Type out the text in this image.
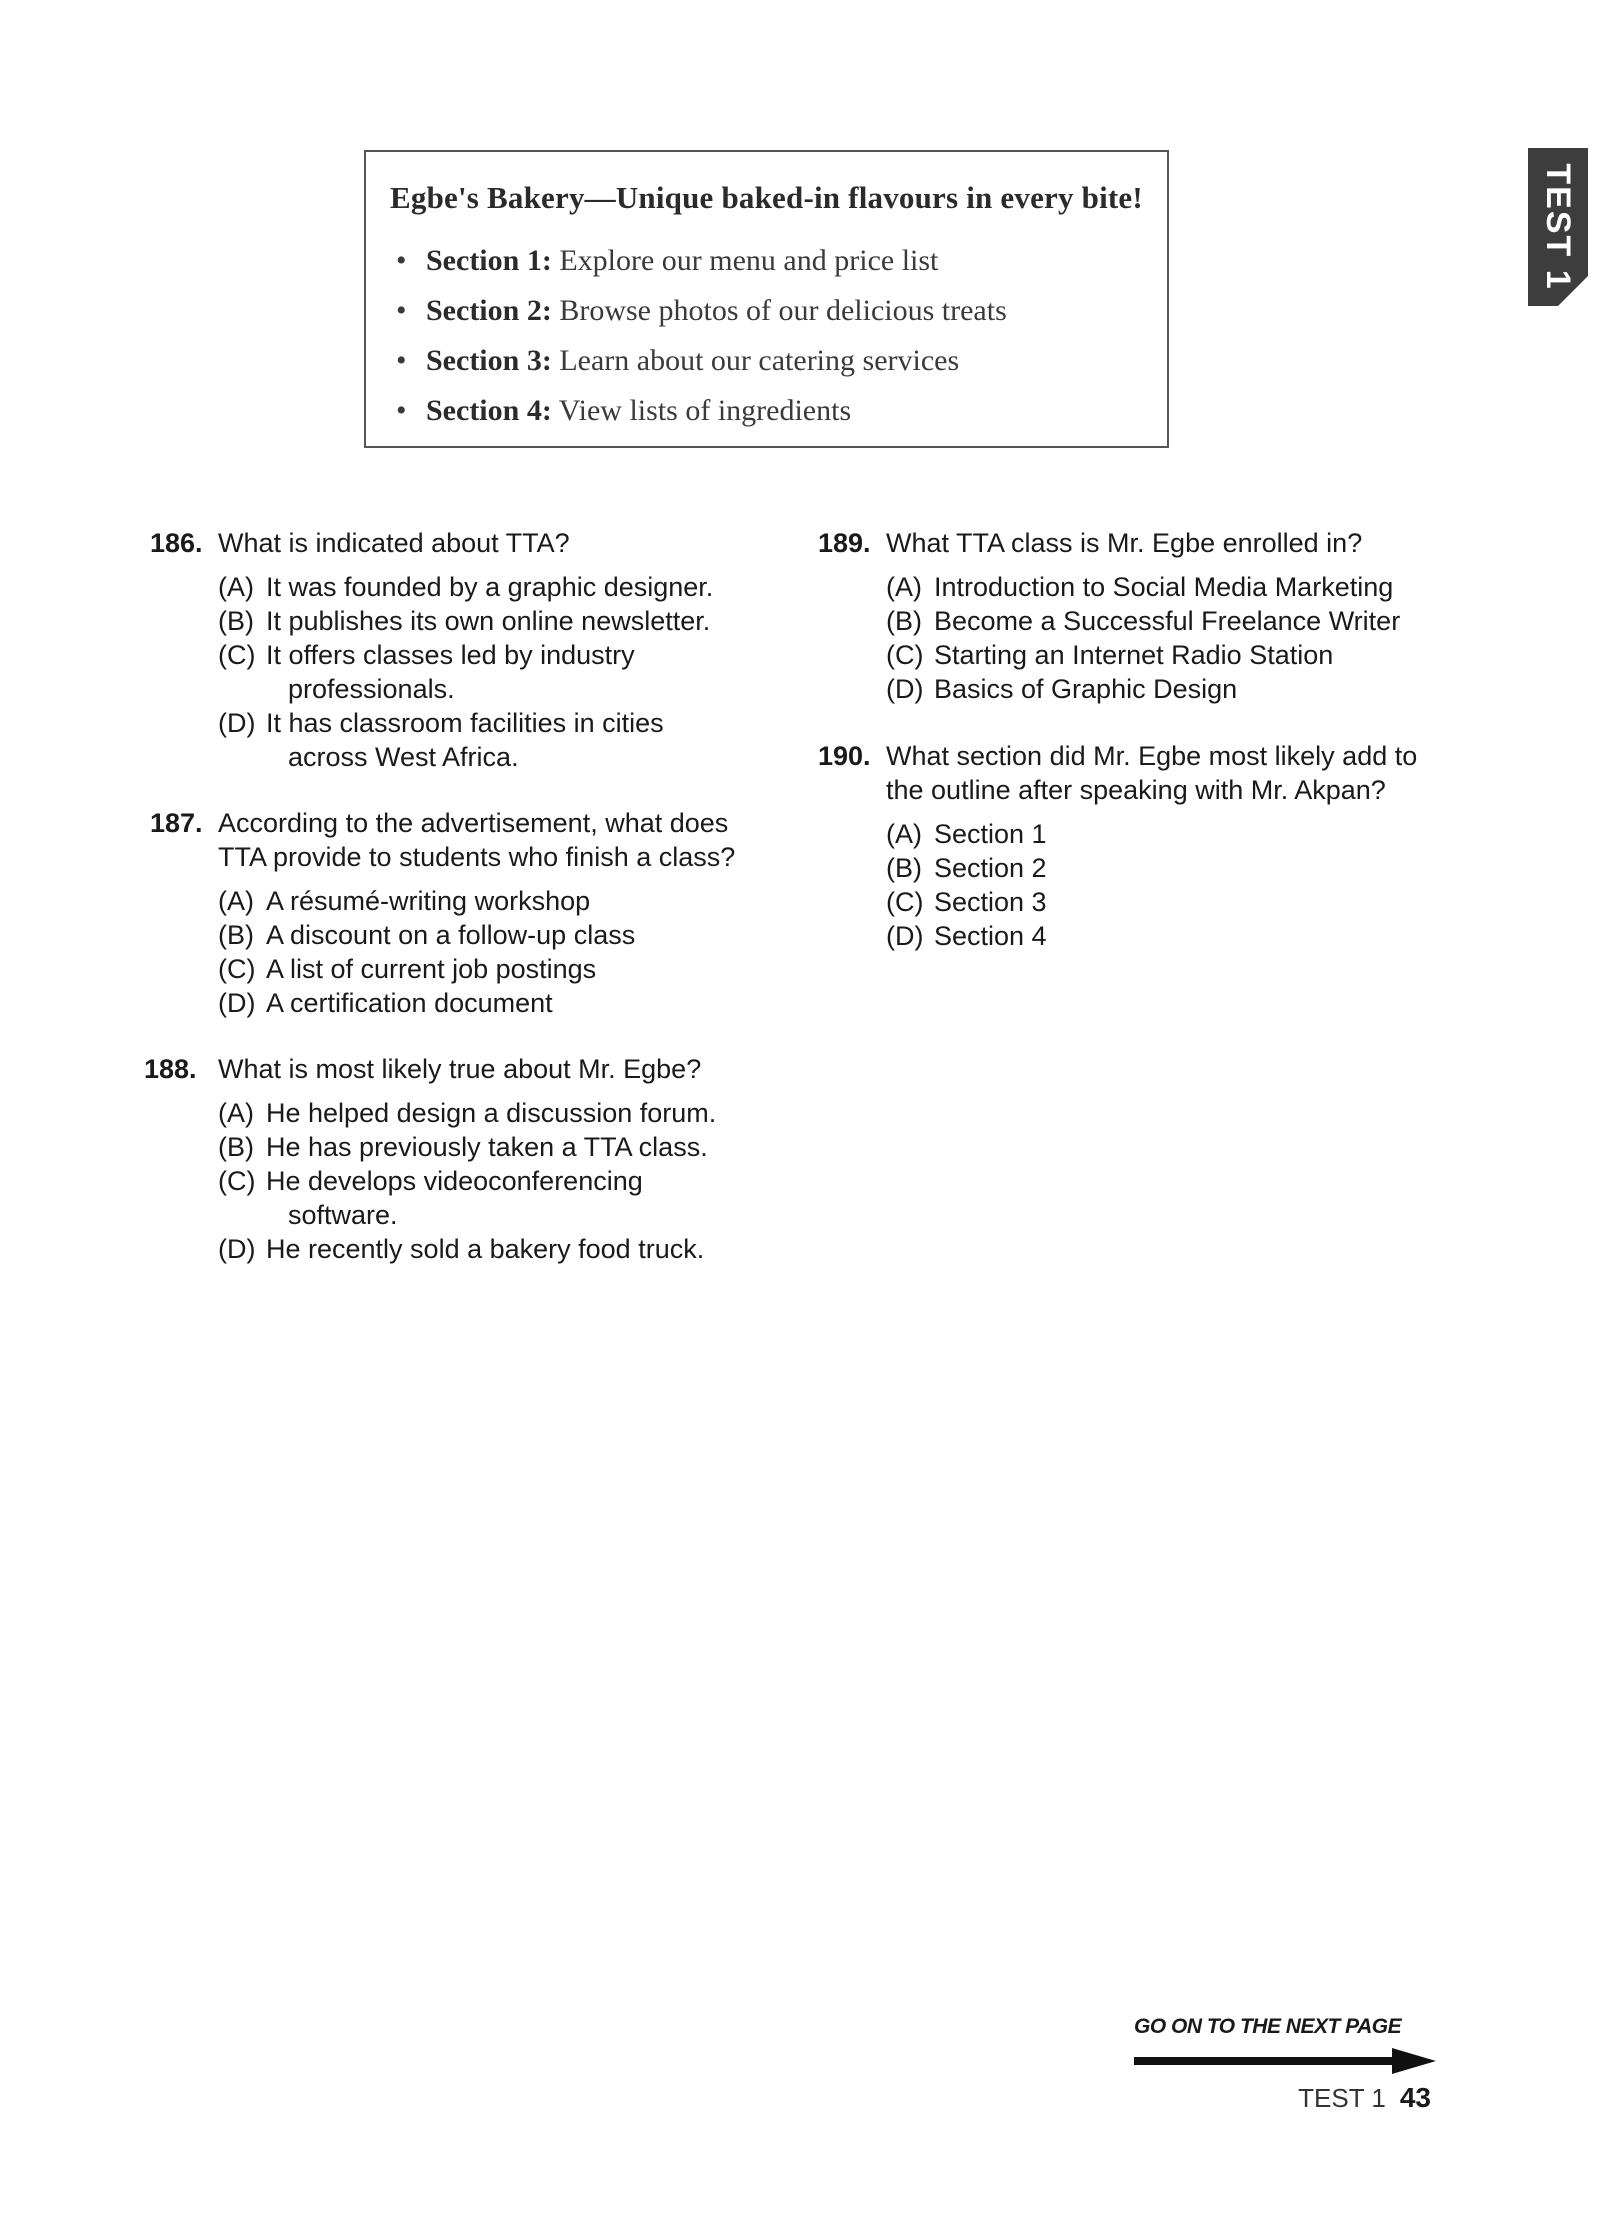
Egbe's Bakery—Unique baked-in flavours in every bite!
• Section 1: Explore our menu and price list
• Section 2: Browse photos of our delicious treats
• Section 3: Learn about our catering services
• Section 4: View lists of ingredients
TEST 1
186. What is indicated about TTA?
(A) It was founded by a graphic designer.
(B) It publishes its own online newsletter.
(C) It offers classes led by industry
professionals.
(D) It has classroom facilities in cities
across West Africa.
187. According to the advertisement, what does
TTA provide to students who finish a class?
(A) A résumé-writing workshop
(B) A discount on a follow-up class
(C) A list of current job postings
(D) A certification document
188. What is most likely true about Mr. Egbe?
(A) He helped design a discussion forum.
(B) He has previously taken a TTA class.
(C) He develops videoconferencing
software.
(D) He recently sold a bakery food truck.
189. What TTA class is Mr. Egbe enrolled in?
(A) Introduction to Social Media Marketing
(B) Become a Successful Freelance Writer
(C) Starting an Internet Radio Station
(D) Basics of Graphic Design
190. What section did Mr. Egbe most likely add to
the outline after speaking with Mr. Akpan?
(A) Section 1
(B) Section 2
(C) Section 3
(D) Section 4
GO ON TO THE NEXT PAGE
TEST 1 43
